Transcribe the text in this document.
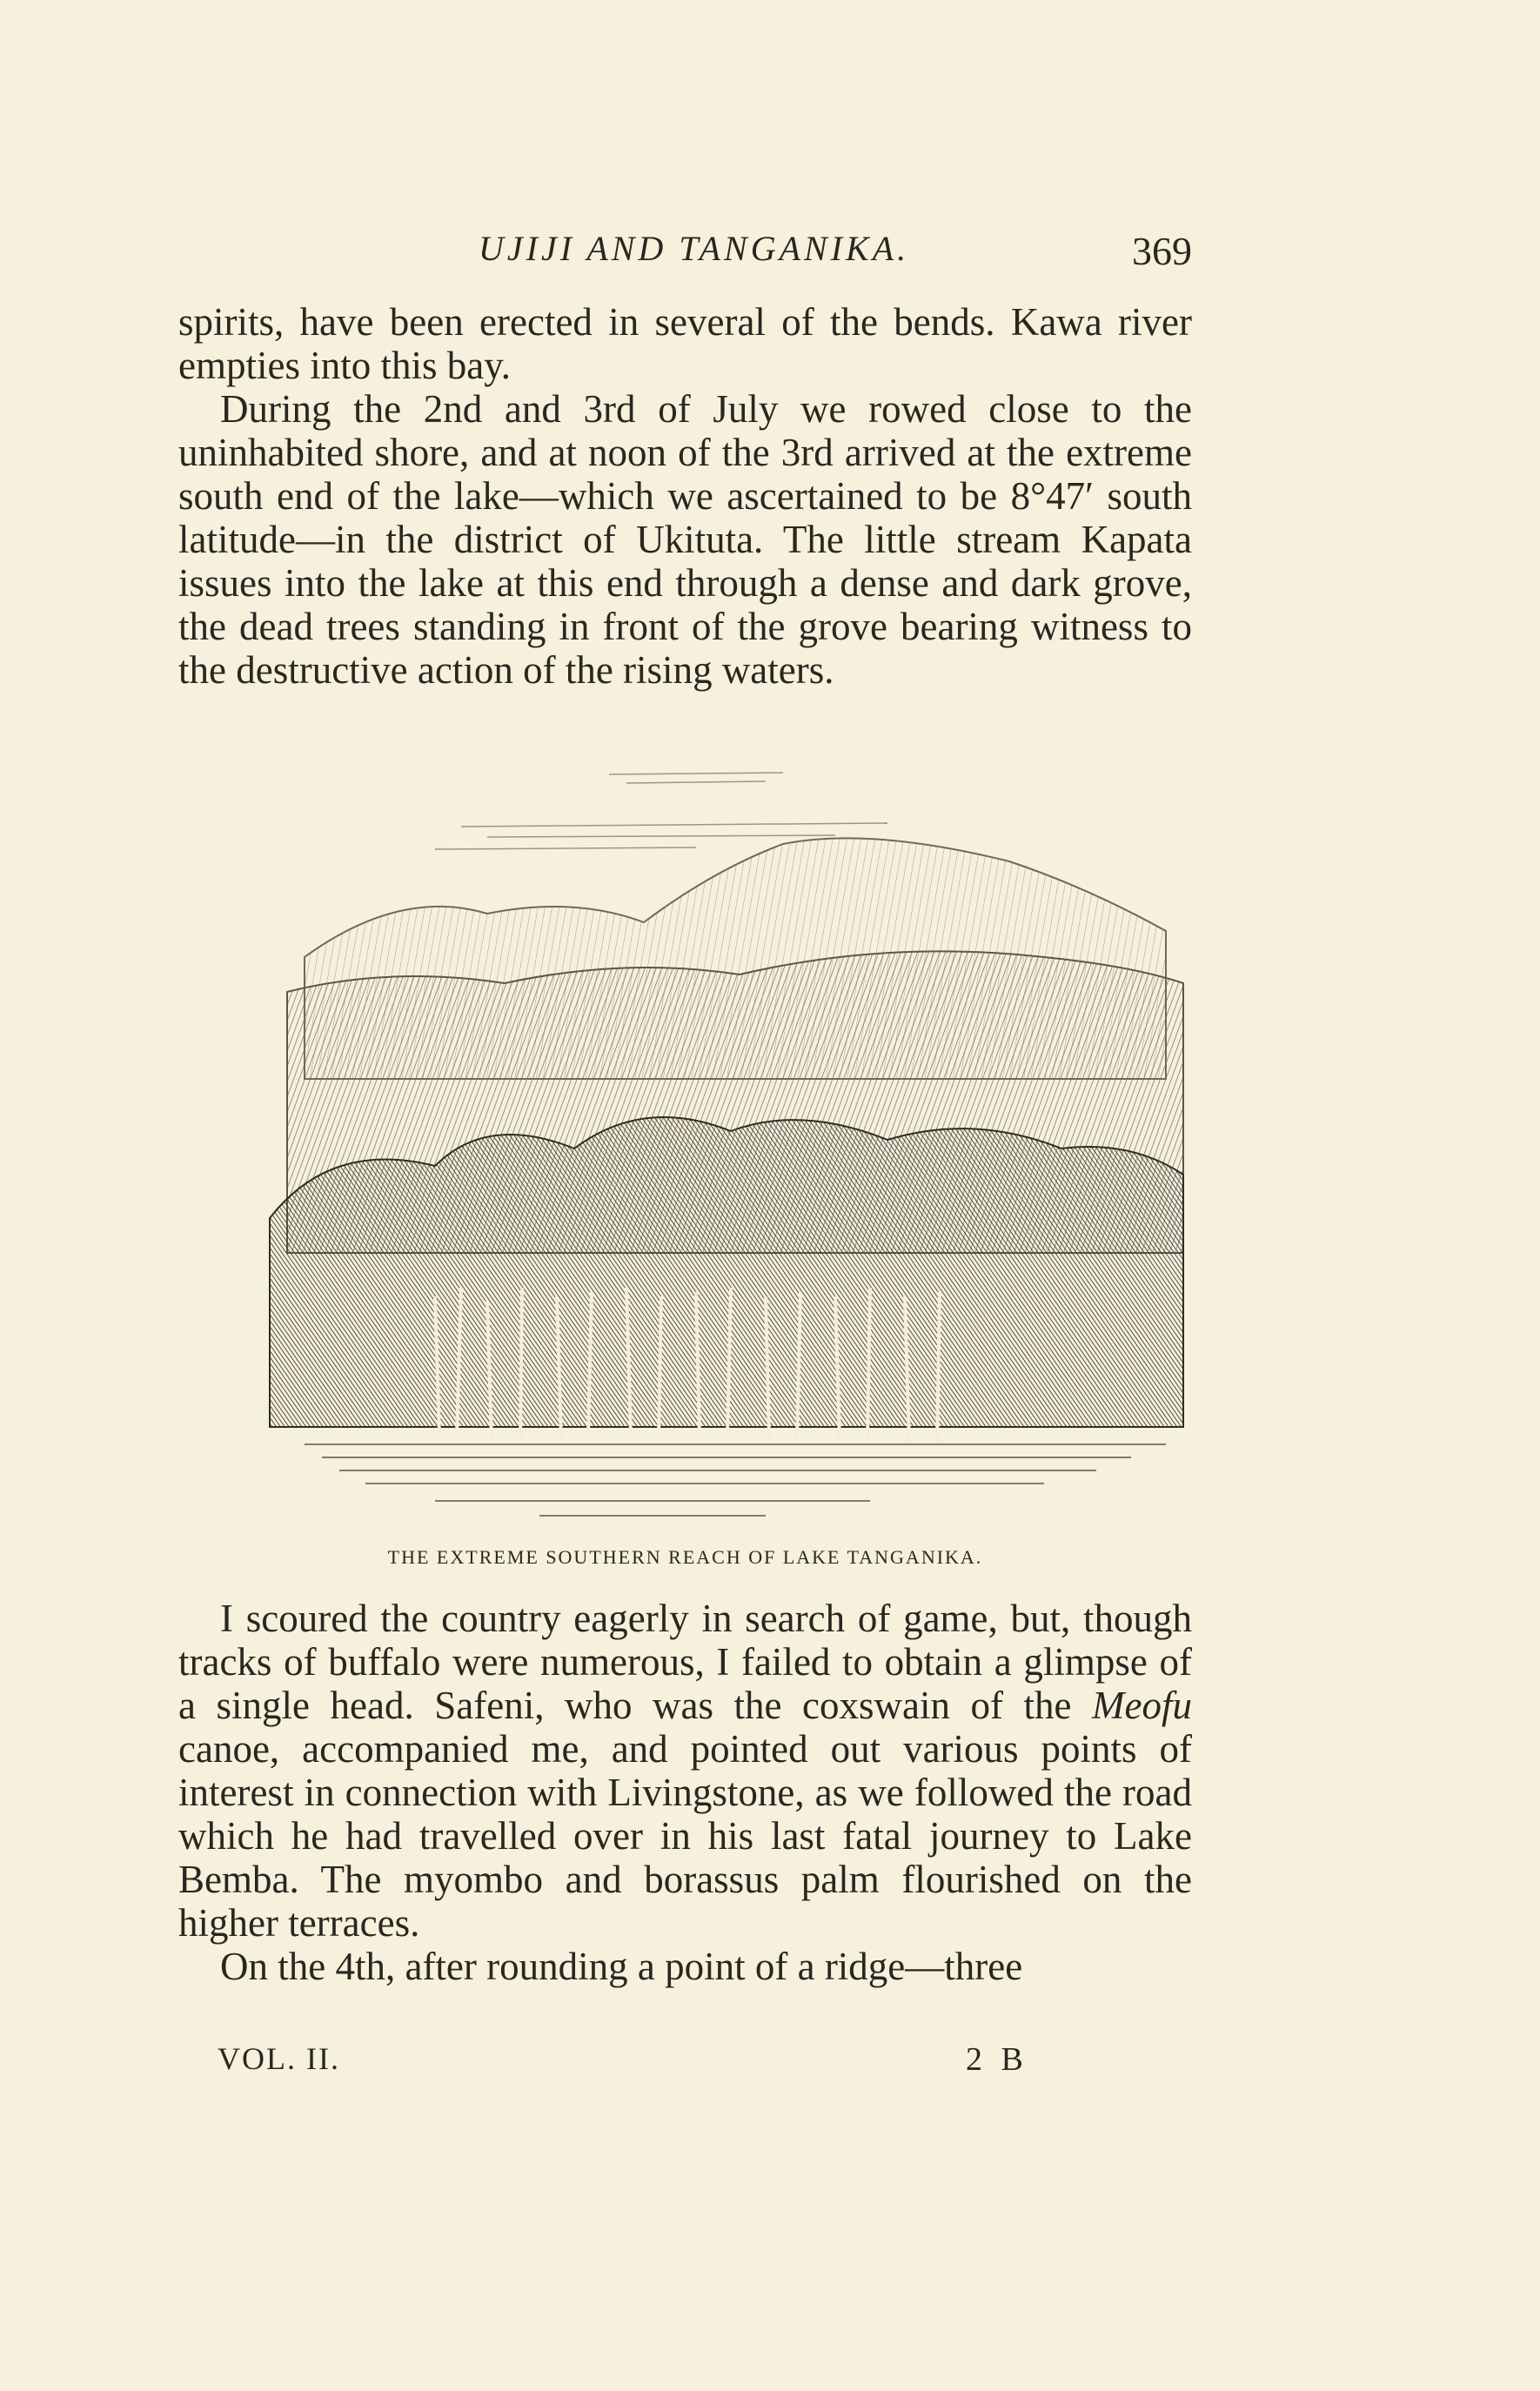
UJIJI AND TANGANIKA.	369

spirits, have been erected in several of the bends. Kawa river empties into this bay.

During the 2nd and 3rd of July we rowed close to the uninhabited shore, and at noon of the 3rd arrived at the extreme south end of the lake—which we ascertained to be 8°47′ south latitude—in the district of Ukituta. The little stream Kapata issues into the lake at this end through a dense and dark grove, the dead trees standing in front of the grove bearing witness to the destructive action of the rising waters.

THE EXTREME SOUTHERN REACH OF LAKE TANGANIKA.

I scoured the country eagerly in search of game, but, though tracks of buffalo were numerous, I failed to obtain a glimpse of a single head. Safeni, who was the coxswain of the Meofu canoe, accompanied me, and pointed out various points of interest in connection with Livingstone, as we followed the road which he had travelled over in his last fatal journey to Lake Bemba. The myombo and borassus palm flourished on the higher terraces.

On the 4th, after rounding a point of a ridge—three

VOL. II.	2 B
